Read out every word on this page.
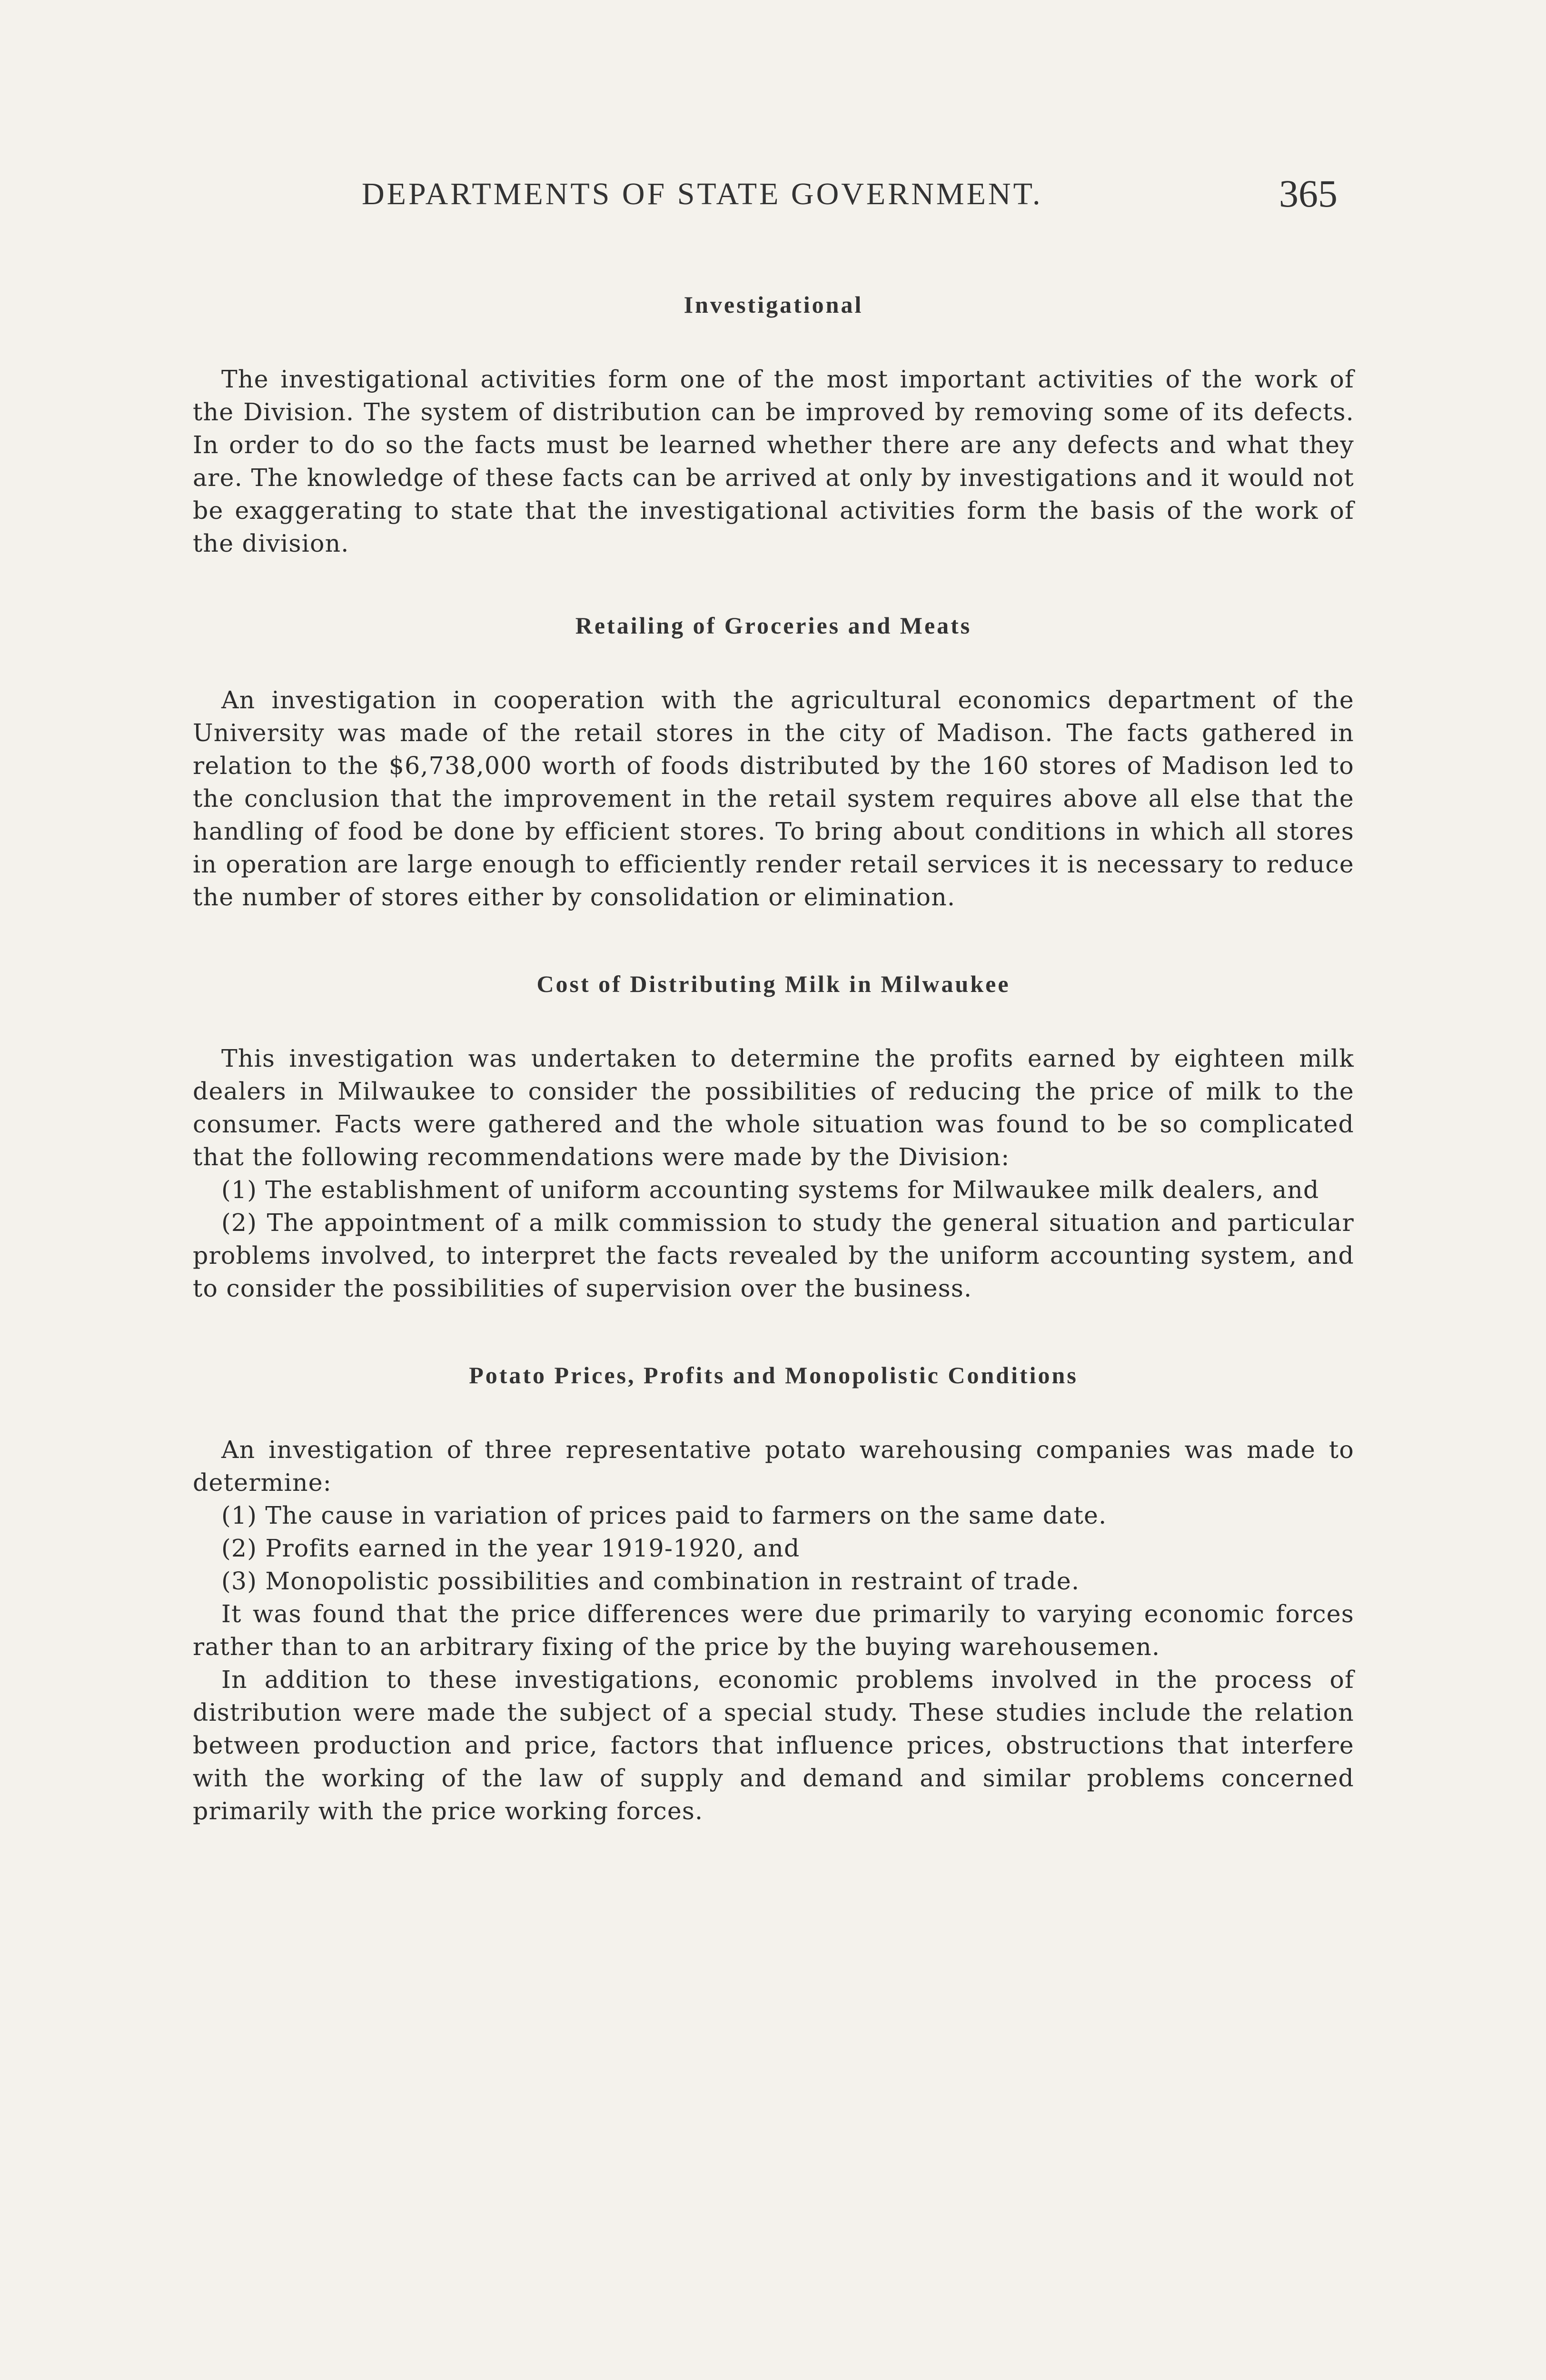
DEPARTMENTS OF STATE GOVERNMENT.	365
Investigational

The investigational activities form one of the most important activities of the work of the Division. The system of distribution can be improved by removing some of its defects. In order to do so the facts must be learned whether there are any defects and what they are. The knowledge of these facts can be arrived at only by investigations and it would not be exaggerating to state that the investigational activities form the basis of the work of the division.

Retailing of Groceries and Meats

An investigation in cooperation with the agricultural economics department of the University was made of the retail stores in the city of Madison. The facts gathered in relation to the $6,738,000 worth of foods distributed by the 160 stores of Madison led to the conclusion that the improvement in the retail system requires above all else that the handling of food be done by efficient stores. To bring about conditions in which all stores in operation are large enough to efficiently render retail services it is necessary to reduce the number of stores either by consolidation or elimination.

Cost of Distributing Milk in Milwaukee

This investigation was undertaken to determine the profits earned by eighteen milk dealers in Milwaukee to consider the possibilities of reducing the price of milk to the consumer. Facts were gathered and the whole situation was found to be so complicated that the following recommendations were made by the Division:

(1) The establishment of uniform accounting systems for Milwaukee milk dealers, and

(2) The appointment of a milk commission to study the general situation and particular problems involved, to interpret the facts revealed by the uniform accounting system, and to consider the possibilities of supervision over the business.

Potato Prices, Profits and Monopolistic Conditions

An investigation of three representative potato warehousing companies was made to determine:

(1) The cause in variation of prices paid to farmers on the same date.

(2) Profits earned in the year 1919-1920, and

(3) Monopolistic possibilities and combination in restraint of trade.

It was found that the price differences were due primarily to varying economic forces rather than to an arbitrary fixing of the price by the buying warehousemen.

In addition to these investigations, economic problems involved in the process of distribution were made the subject of a special study. These studies include the relation between production and price, factors that influence prices, obstructions that interfere with the working of the law of supply and demand and similar problems concerned primarily with the price working forces.
